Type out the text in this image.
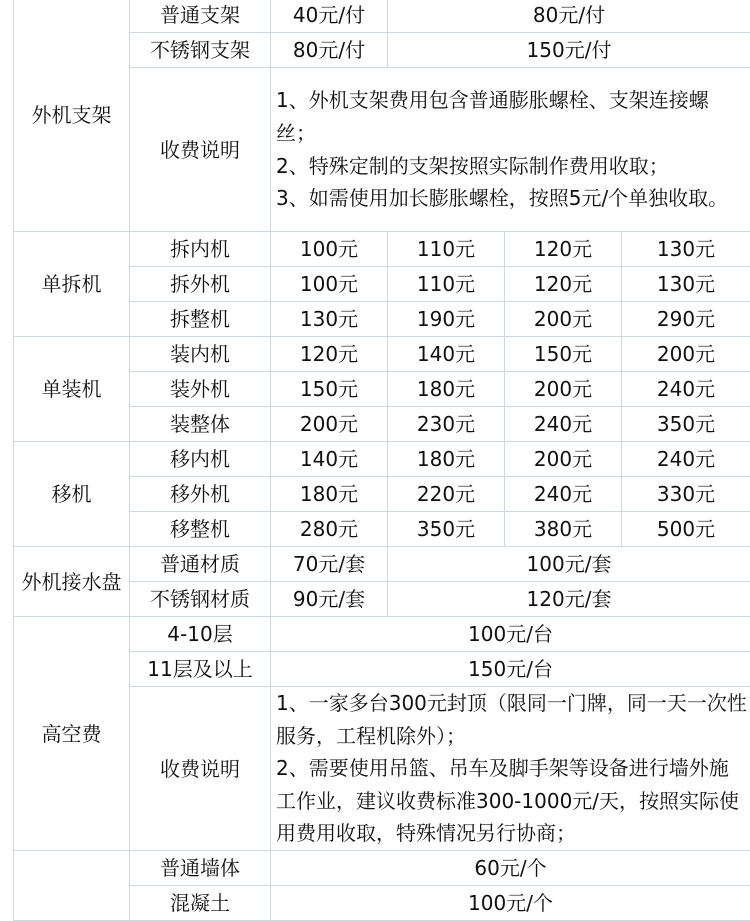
外机支架	普通支架	40元/付	80元/付		
	不锈钢支架	80元/付	150元/付		
	收费说明	1、外机支架费用包含普通膨胀螺栓、支架连接螺丝；
2、特殊定制的支架按照实际制作费用收取；
3、如需使用加长膨胀螺栓，按照5元/个单独收取。			
单拆机	拆内机	100元	110元	120元	130元
	拆外机	100元	110元	120元	130元
	拆整机	130元	190元	200元	290元
单装机	装内机	120元	140元	150元	200元
	装外机	150元	180元	200元	240元
	装整体	200元	230元	240元	350元
移机	移内机	140元	180元	200元	240元
	移外机	180元	220元	240元	330元
	移整机	280元	350元	380元	500元
外机接水盘	普通材质	70元/套	100元/套		
	不锈钢材质	90元/套	120元/套		
高空费	4-10层	100元/台			
	11层及以上	150元/台			
	收费说明	1、一家多台300元封顶（限同一门牌，同一天一次性服务，工程机除外）；
2、需要使用吊篮、吊车及脚手架等设备进行墙外施工作业，建议收费标准300-1000元/天，按照实际使用费用收取，特殊情况另行协商；			
	普通墙体	60元/个			
	混凝土	100元/个			
